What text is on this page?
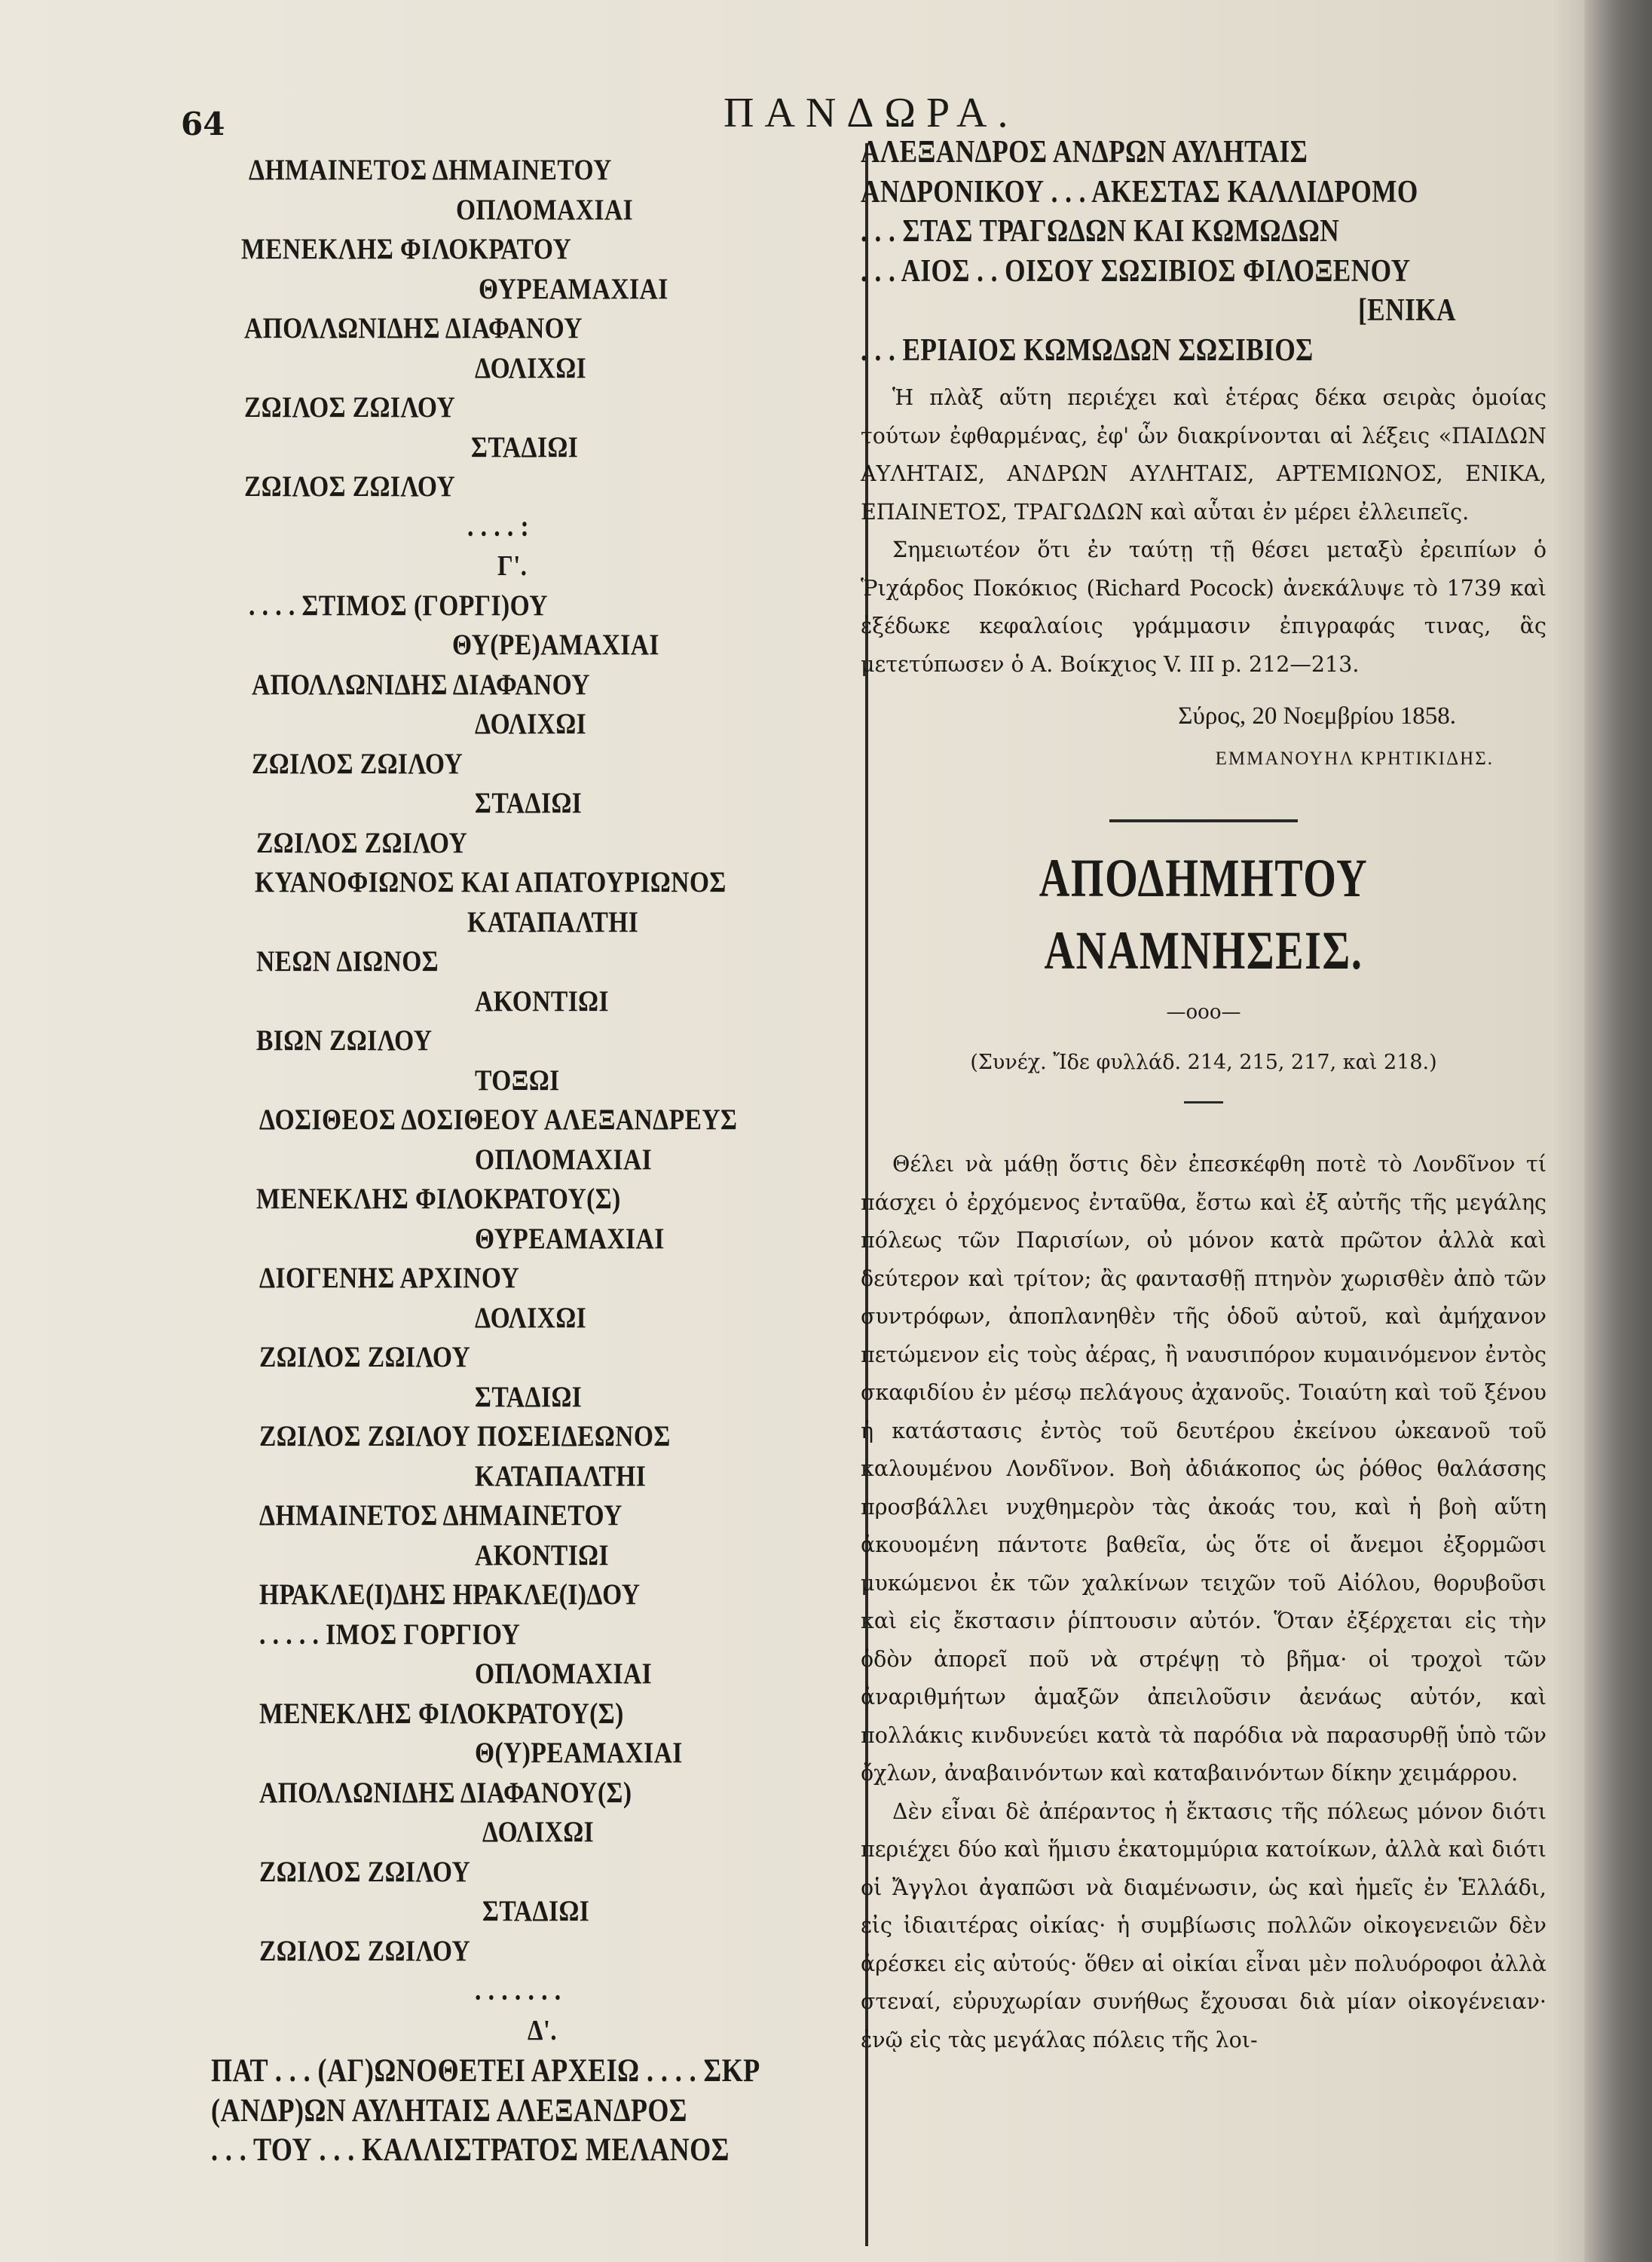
64	ΠΑΝΔΩΡΑ.
ΔΗΜΑΙΝΕΤΟΣ ΔΗΜΑΙΝΕΤΟΥ
ΟΠΛΟΜΑΧΙΑΙ
ΜΕΝΕΚΛΗΣ ΦΙΛΟΚΡΑΤΟΥ
ΘΥΡΕΑΜΑΧΙΑΙ
ΑΠΟΛΛΩΝΙΔΗΣ ΔΙΑΦΑΝΟΥ
ΔΟΛΙΧΩΙ
ΖΩΙΛΟΣ ΖΩΙΛΟΥ
ΣΤΑΔΙΩΙ
ΖΩΙΛΟΣ ΖΩΙΛΟΥ
. . . . :
Γ'.
. . . . ΣΤΙΜΟΣ (ΓΟΡΓΙ)ΟΥ
ΘΥ(ΡΕ)ΑΜΑΧΙΑΙ
ΑΠΟΛΛΩΝΙΔΗΣ ΔΙΑΦΑΝΟΥ
ΔΟΛΙΧΩΙ
ΖΩΙΛΟΣ ΖΩΙΛΟΥ
ΣΤΑΔΙΩΙ
ΖΩΙΛΟΣ ΖΩΙΛΟΥ
ΚΥΑΝΟΦΙΩΝΟΣ ΚΑΙ ΑΠΑΤΟΥΡΙΩΝΟΣ
ΚΑΤΑΠΑΛΤΗΙ
ΝΕΩΝ ΔΙΩΝΟΣ
ΑΚΟΝΤΙΩΙ
ΒΙΩΝ ΖΩΙΛΟΥ
ΤΟΞΩΙ
ΔΟΣΙΘΕΟΣ ΔΟΣΙΘΕΟΥ ΑΛΕΞΑΝΔΡΕΥΣ
ΟΠΛΟΜΑΧΙΑΙ
ΜΕΝΕΚΛΗΣ ΦΙΛΟΚΡΑΤΟΥ(Σ)
ΘΥΡΕΑΜΑΧΙΑΙ
ΔΙΟΓΕΝΗΣ ΑΡΧΙΝΟΥ
ΔΟΛΙΧΩΙ
ΖΩΙΛΟΣ ΖΩΙΛΟΥ
ΣΤΑΔΙΩΙ
ΖΩΙΛΟΣ ΖΩΙΛΟΥ ΠΟΣΕΙΔΕΩΝΟΣ
ΚΑΤΑΠΑΛΤΗΙ
ΔΗΜΑΙΝΕΤΟΣ ΔΗΜΑΙΝΕΤΟΥ
ΑΚΟΝΤΙΩΙ
ΗΡΑΚΛΕ(Ι)ΔΗΣ ΗΡΑΚΛΕ(Ι)ΔΟΥ
. . . . . ΙΜΟΣ ΓΟΡΓΙΟΥ
ΟΠΛΟΜΑΧΙΑΙ
ΜΕΝΕΚΛΗΣ ΦΙΛΟΚΡΑΤΟΥ(Σ)
Θ(Υ)ΡΕΑΜΑΧΙΑΙ
ΑΠΟΛΛΩΝΙΔΗΣ ΔΙΑΦΑΝΟΥ(Σ)
ΔΟΛΙΧΩΙ
ΖΩΙΛΟΣ ΖΩΙΛΟΥ
ΣΤΑΔΙΩΙ
ΖΩΙΛΟΣ ΖΩΙΛΟΥ
. . . . . . .
Δ'.
ΠΑΤ . . . (ΑΓ)ΩΝΟΘΕΤΕΙ ΑΡΧΕΙΩ . . . . ΣΚΡ
(ΑΝΔΡ)ΩΝ ΑΥΛΗΤΑΙΣ ΑΛΕΞΑΝΔΡΟΣ
. . . ΤΟΥ . . . ΚΑΛΛΙΣΤΡΑΤΟΣ ΜΕΛΑΝΟΣ
ΑΛΕΞΑΝΔΡΟΣ ΑΝΔΡΩΝ ΑΥΛΗΤΑΙΣ
ΑΝΔΡΟΝΙΚΟΥ . . . ΑΚΕΣΤΑΣ ΚΑΛΛΙΔΡΟΜΟ
. . . ΣΤΑΣ ΤΡΑΓΩΔΩΝ ΚΑΙ ΚΩΜΩΔΩΝ
. . . ΑΙΟΣ . . ΟΙΣΟΥ ΣΩΣΙΒΙΟΣ ΦΙΛΟΞΕΝΟΥ
[ΕΝΙΚΑ
. . . ΕΡΙΑΙΟΣ ΚΩΜΩΔΩΝ ΣΩΣΙΒΙΟΣ

Ἡ πλὰξ αὕτη περιέχει καὶ ἑτέρας δέκα σειρὰς ὁμοίας τούτων ἐφθαρμένας, ἐφ' ὧν διακρίνονται αἱ λέξεις «ΠΑΙΔΩΝ ΑΥΛΗΤΑΙΣ, ΑΝΔΡΩΝ ΑΥΛΗΤΑΙΣ, ΑΡΤΕΜΙΩΝΟΣ, ΕΝΙΚΑ, ΕΠΑΙΝΕΤΟΣ, ΤΡΑΓΩΔΩΝ καὶ αὗται ἐν μέρει ἐλλειπεῖς.

Σημειωτέον ὅτι ἐν ταύτῃ τῇ θέσει μεταξὺ ἐρειπίων ὁ Ῥιχάρδος Ποκόκιος (Richard Pocock) ἀνεκάλυψε τὸ 1739 καὶ ἐξέδωκε κεφαλαίοις γράμμασιν ἐπιγραφάς τινας, ἃς μετετύπωσεν ὁ Α. Βοίκχιος V. III p. 212—213.

Σύρος, 20 Νοεμβρίου 1858.
ΕΜΜΑΝΟΥΗΛ ΚΡΗΤΙΚΙΔΗΣ.
ΑΠΟΔΗΜΗΤΟΥ ΑΝΑΜΝΗΣΕΙΣ.
—οοο—
(Συνέχ. Ἴδε φυλλάδ. 214, 215, 217, καὶ 218.)

Θέλει νὰ μάθῃ ὅστις δὲν ἐπεσκέφθη ποτὲ τὸ Λονδῖνον τί πάσχει ὁ ἐρχόμενος ἐνταῦθα, ἔστω καὶ ἐξ αὐτῆς τῆς μεγάλης πόλεως τῶν Παρισίων, οὐ μόνον κατὰ πρῶτον ἀλλὰ καὶ δεύτερον καὶ τρίτον; ἂς φαντασθῇ πτηνὸν χωρισθὲν ἀπὸ τῶν συντρόφων, ἀποπλανηθὲν τῆς ὁδοῦ αὐτοῦ, καὶ ἀμήχανον πετώμενον εἰς τοὺς ἀέρας, ἢ ναυσιπόρον κυμαινόμενον ἐντὸς σκαφιδίου ἐν μέσῳ πελάγους ἀχανοῦς. Τοιαύτη καὶ τοῦ ξένου ἡ κατάστασις ἐντὸς τοῦ δευτέρου ἐκείνου ὠκεανοῦ τοῦ καλουμένου Λονδῖνον. Βοὴ ἀδιάκοπος ὡς ῥόθος θαλάσσης προσβάλλει νυχθημερὸν τὰς ἀκοάς του, καὶ ἡ βοὴ αὕτη ἀκουομένη πάντοτε βαθεῖα, ὡς ὅτε οἱ ἄνεμοι ἐξορμῶσι μυκώμενοι ἐκ τῶν χαλκίνων τειχῶν τοῦ Αἰόλου, θορυβοῦσι καὶ εἰς ἔκστασιν ῥίπτουσιν αὐτόν. Ὅταν ἐξέρχεται εἰς τὴν ὁδὸν ἀπορεῖ ποῦ νὰ στρέψῃ τὸ βῆμα· οἱ τροχοὶ τῶν ἀναριθμήτων ἁμαξῶν ἀπειλοῦσιν ἀενάως αὐτόν, καὶ πολλάκις κινδυνεύει κατὰ τὰ παρόδια νὰ παρασυρθῇ ὑπὸ τῶν ὄχλων, ἀναβαινόντων καὶ καταβαινόντων δίκην χειμάρρου.

Δὲν εἶναι δὲ ἀπέραντος ἡ ἔκτασις τῆς πόλεως μόνον διότι περιέχει δύο καὶ ἥμισυ ἑκατομμύρια κατοίκων, ἀλλὰ καὶ διότι οἱ Ἄγγλοι ἀγαπῶσι νὰ διαμένωσιν, ὡς καὶ ἡμεῖς ἐν Ἑλλάδι, εἰς ἰδιαιτέρας οἰκίας· ἡ συμβίωσις πολλῶν οἰκογενειῶν δὲν ἀρέσκει εἰς αὐτούς· ὅθεν αἱ οἰκίαι εἶναι μὲν πολυόροφοι ἀλλὰ στεναί, εὐρυχωρίαν συνήθως ἔχουσαι διὰ μίαν οἰκογένειαν· ἐνῷ εἰς τὰς μεγάλας πόλεις τῆς λοι-
